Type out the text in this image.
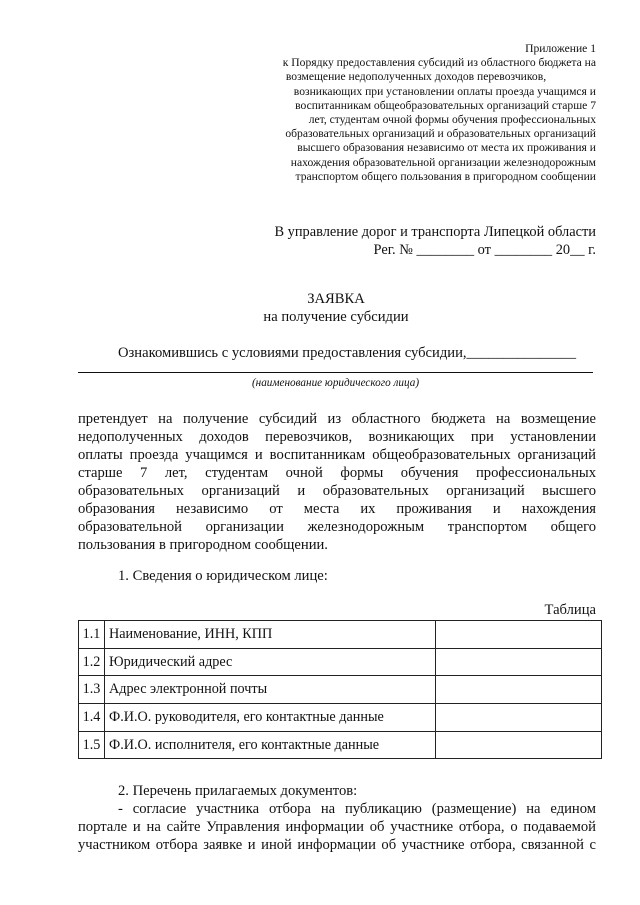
Приложение 1
к Порядку предоставления субсидий из областного бюджета на
возмещение недополученных доходов перевозчиков,
возникающих при установлении оплаты проезда учащимся и
воспитанникам общеобразовательных организаций старше 7
лет, студентам очной формы обучения профессиональных
образовательных организаций и образовательных организаций
высшего образования независимо от места их проживания и
нахождения образовательной организации железнодорожным
транспортом общего пользования в пригородном сообщении
В управление дорог и транспорта Липецкой области
Рег. № ________ от ________ 20__ г.
ЗАЯВКА
на получение субсидии
Ознакомившись с условиями предоставления субсидии,_______________
(наименование юридического лица)
претендует на получение субсидий из областного бюджета на возмещение
недополученных доходов перевозчиков, возникающих при установлении
оплаты проезда учащимся и воспитанникам общеобразовательных организаций
старше 7 лет, студентам очной формы обучения профессиональных
образовательных организаций и образовательных организаций высшего
образования независимо от места их проживания и нахождения
образовательной организации железнодорожным транспортом общего
пользования в пригородном сообщении.
1. Сведения о юридическом лице:
Таблица
1.1	Наименование, ИНН, КПП	
1.2	Юридический адрес	
1.3	Адрес электронной почты	
1.4	Ф.И.О. руководителя, его контактные данные	
1.5	Ф.И.О. исполнителя, его контактные данные	
2. Перечень прилагаемых документов:
- согласие участника отбора на публикацию (размещение) на едином
портале и на сайте Управления информации об участнике отбора, о подаваемой
участником отбора заявке и иной информации об участнике отбора, связанной с
